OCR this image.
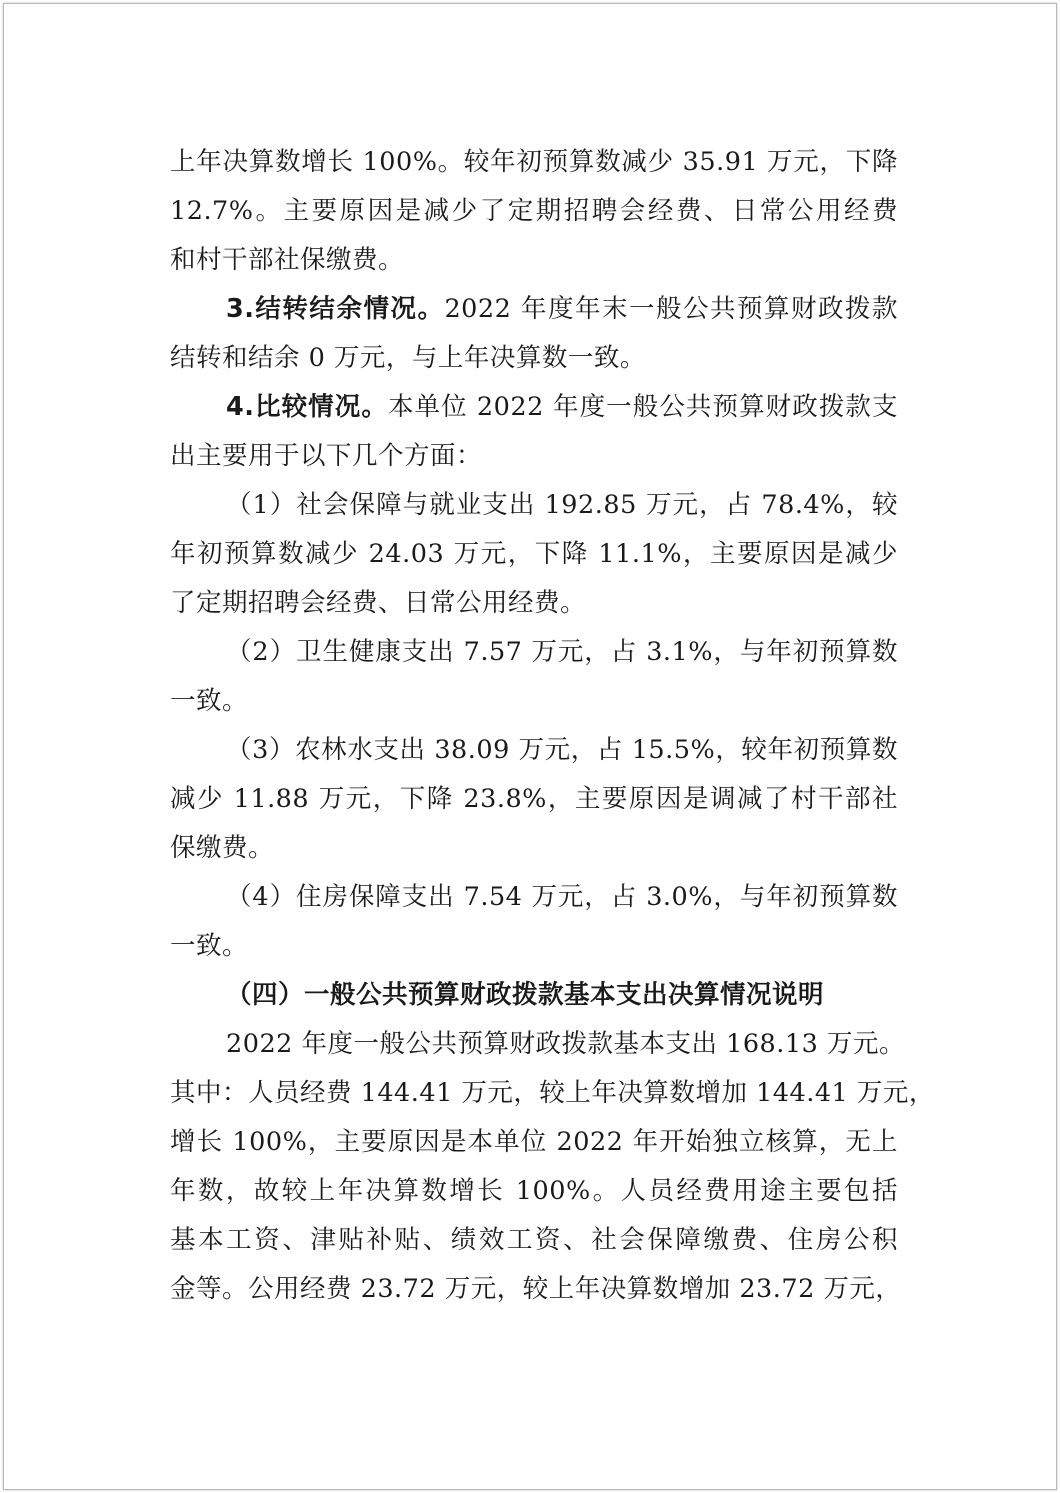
上年决算数增长 100%。较年初预算数减少 35.91 万元，下降
12.7%。主要原因是减少了定期招聘会经费、日常公用经费
和村干部社保缴费。
3.结转结余情况。2022 年度年末一般公共预算财政拨款
结转和结余 0 万元，与上年决算数一致。
4.比较情况。本单位 2022 年度一般公共预算财政拨款支
出主要用于以下几个方面：
（1）社会保障与就业支出 192.85 万元，占 78.4%，较
年初预算数减少 24.03 万元，下降 11.1%，主要原因是减少
了定期招聘会经费、日常公用经费。
（2）卫生健康支出 7.57 万元，占 3.1%，与年初预算数
一致。
（3）农林水支出 38.09 万元，占 15.5%，较年初预算数
减少 11.88 万元，下降 23.8%，主要原因是调减了村干部社
保缴费。
（4）住房保障支出 7.54 万元，占 3.0%，与年初预算数
一致。
（四）一般公共预算财政拨款基本支出决算情况说明
2022 年度一般公共预算财政拨款基本支出 168.13 万元。
其中：人员经费 144.41 万元，较上年决算数增加 144.41 万元，
增长 100%，主要原因是本单位 2022 年开始独立核算，无上
年数，故较上年决算数增长 100%。人员经费用途主要包括
基本工资、津贴补贴、绩效工资、社会保障缴费、住房公积
金等。公用经费 23.72 万元，较上年决算数增加 23.72 万元，
